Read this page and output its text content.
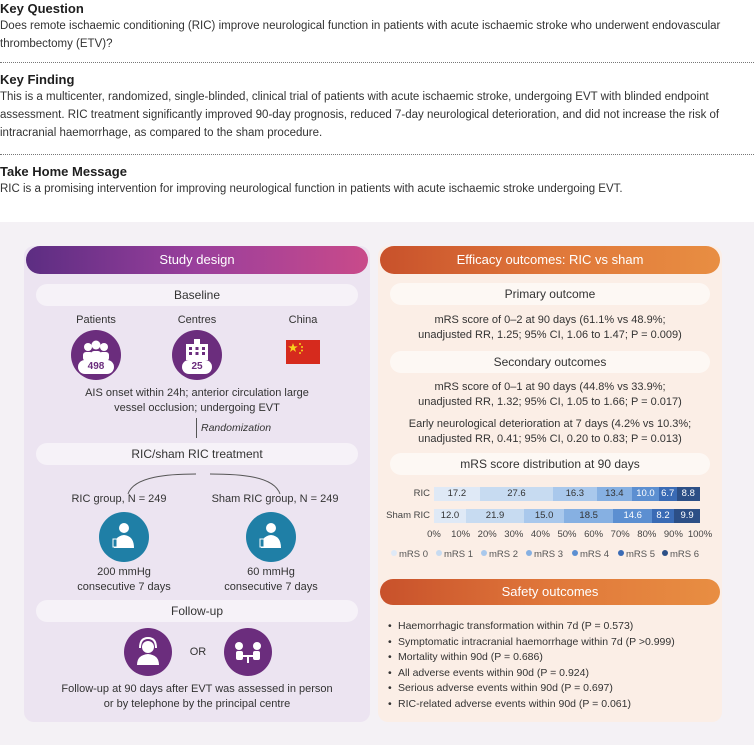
Key Question
Does remote ischaemic conditioning (RIC) improve neurological function in patients with acute ischaemic stroke who underwent endovascular thrombectomy (ETV)?
Key Finding
This is a multicenter, randomized, single-blinded, clinical trial of patients with acute ischaemic stroke, undergoing EVT with blinded endpoint assessment. RIC treatment significantly improved 90-day prognosis, reduced 7-day neurological deterioration, and did not increase the risk of intracranial haemorrhage, as compared to the sham procedure.
Take Home Message
RIC is a promising intervention for improving neurological function in patients with acute ischaemic stroke undergoing EVT.
Study design
Baseline
Patients	Centres	China
498	25
AIS onset within 24h; anterior circulation large
vessel occlusion; undergoing EVT
Randomization
RIC/sham RIC treatment
RIC group, N = 249	Sham RIC group, N = 249
200 mmHg
consecutive 7 days
60 mmHg
consecutive 7 days
Follow-up
OR
Follow-up at 90 days after EVT was assessed in person
or by telephone by the principal centre
Efficacy outcomes: RIC vs sham
Primary outcome
mRS score of 0–2 at 90 days (61.1% vs 48.9%;
unadjusted RR, 1.25; 95% CI, 1.06 to 1.47; P = 0.009)
Secondary outcomes
mRS score of 0–1 at 90 days (44.8% vs 33.9%;
unadjusted RR, 1.32; 95% CI, 1.05 to 1.66; P = 0.017)
Early neurological deterioration at 7 days (4.2% vs 10.3%;
unadjusted RR, 0.41; 95% CI, 0.20 to 0.83; P = 0.013)
mRS score distribution at 90 days
RIC	17.2	27.6	16.3	13.4	10.0 6.7 8.8
Sham RIC	12.0	21.9	15.0	18.5	14.6	8.2	9.9
0%	10% 20% 30% 40% 50% 60% 70% 80% 90% 100%
mRS 0	mRS 1	mRS 2	mRS 3	mRS 4	mRS 5	mRS 6
Safety outcomes
• Haemorrhagic transformation within 7d (P = 0.573)
• Symptomatic intracranial haemorrhage within 7d (P >0.999)
• Mortality within 90d (P = 0.686)
• All adverse events within 90d (P = 0.924)
• Serious adverse events within 90d (P = 0.697)
• RIC-related adverse events within 90d (P = 0.061)
